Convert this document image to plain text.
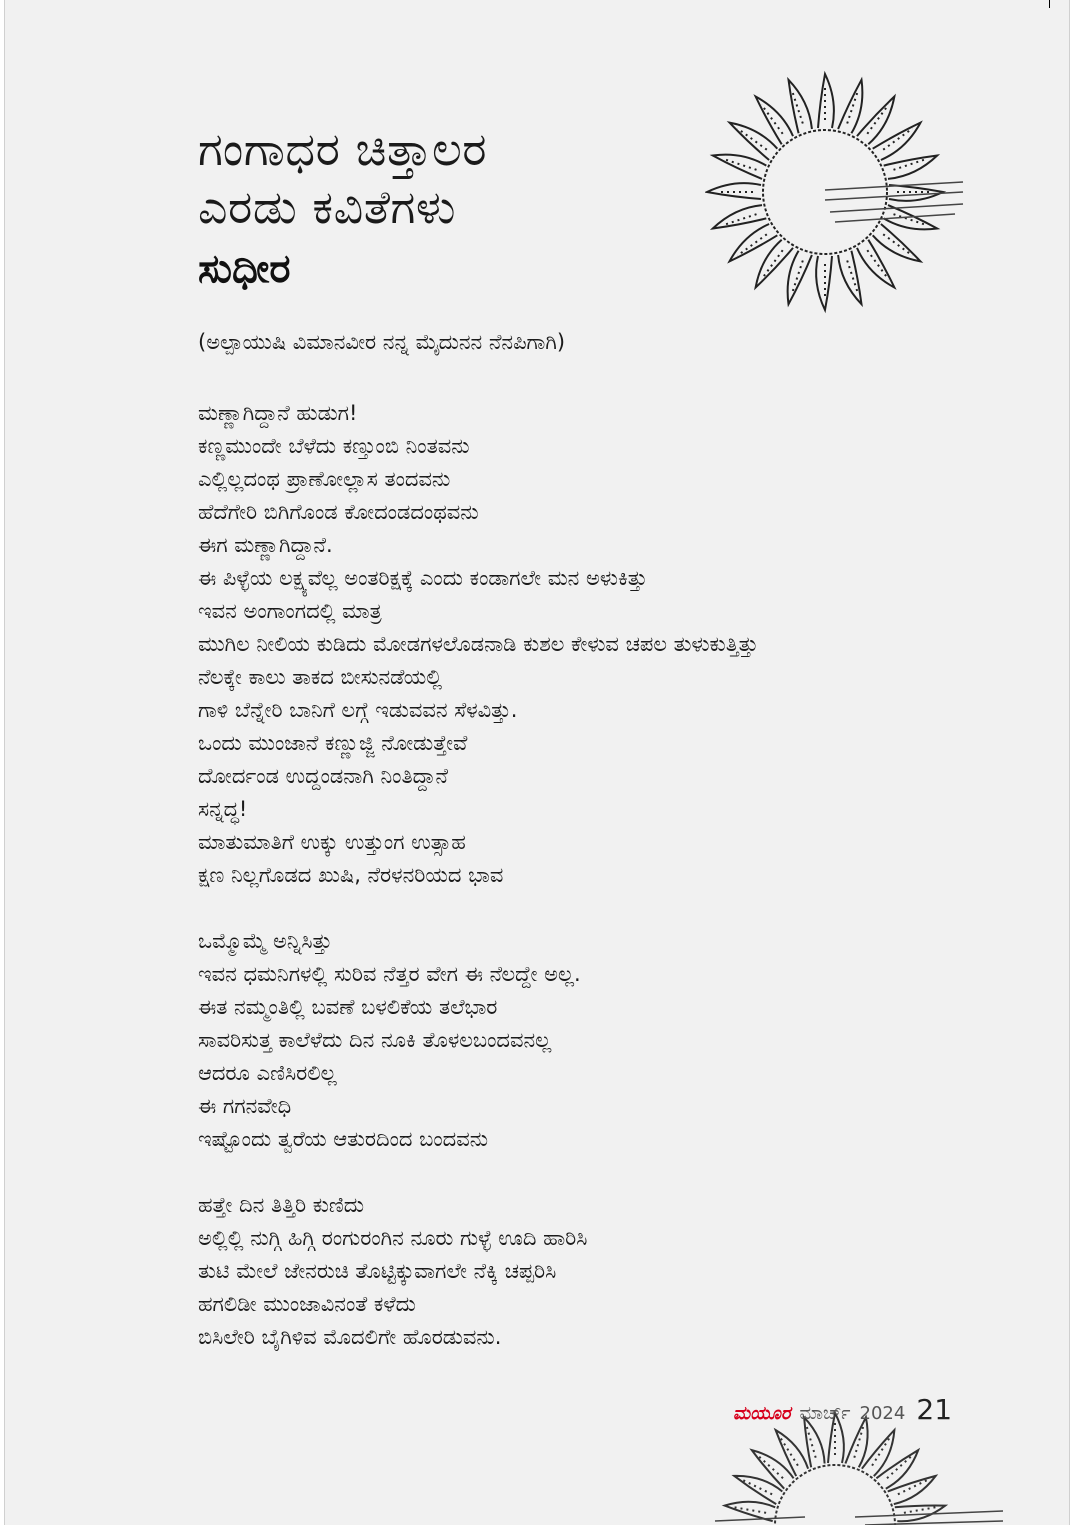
ಗಂಗಾಧರ ಚಿತ್ತಾಲರ
ಎರಡು ಕವಿತೆಗಳು
ಸುಧೀರ
(ಅಲ್ಪಾಯುಷಿ ವಿಮಾನವೀರ ನನ್ನ ಮೈದುನನ ನೆನಪಿಗಾಗಿ)
ಮಣ್ಣಾಗಿದ್ದಾನೆ ಹುಡುಗ!
ಕಣ್ಣಮುಂದೇ ಬೆಳೆದು ಕಣ್ತುಂಬಿ ನಿಂತವನು
ಎಲ್ಲಿಲ್ಲದಂಥ ಪ್ರಾಣೋಲ್ಲಾಸ ತಂದವನು
ಹೆದೆಗೇರಿ ಬಿಗಿಗೊಂಡ ಕೋದಂಡದಂಥವನು
ಈಗ ಮಣ್ಣಾಗಿದ್ದಾನೆ.
ಈ ಪಿಳ್ಳೆಯ ಲಕ್ಷ್ಯವೆಲ್ಲ ಅಂತರಿಕ್ಷಕ್ಕೆ ಎಂದು ಕಂಡಾಗಲೇ ಮನ ಅಳುಕಿತ್ತು
ಇವನ ಅಂಗಾಂಗದಲ್ಲಿ ಮಾತ್ರ
ಮುಗಿಲ ನೀಲಿಯ ಕುಡಿದು ಮೋಡಗಳಲೊಡನಾಡಿ ಕುಶಲ ಕೇಳುವ ಚಪಲ ತುಳುಕುತ್ತಿತ್ತು
ನೆಲಕ್ಕೇ ಕಾಲು ತಾಕದ ಬೀಸುನಡೆಯಲ್ಲಿ
ಗಾಳಿ ಬೆನ್ನೇರಿ ಬಾನಿಗೆ ಲಗ್ಗೆ ಇಡುವವನ ಸೆಳವಿತ್ತು.
ಒಂದು ಮುಂಜಾನೆ ಕಣ್ಣುಜ್ಜಿ ನೋಡುತ್ತೇವೆ
ದೋರ್ದಂಡ ಉದ್ದಂಡನಾಗಿ ನಿಂತಿದ್ದಾನೆ
ಸನ್ನದ್ಧ!
ಮಾತುಮಾತಿಗೆ ಉಕ್ಕು ಉತ್ತುಂಗ ಉತ್ಸಾಹ
ಕ್ಷಣ ನಿಲ್ಲಗೊಡದ ಖುಷಿ, ನೆರಳನರಿಯದ ಭಾವ
ಒಮ್ಮೊಮ್ಮೆ ಅನ್ನಿಸಿತ್ತು
ಇವನ ಧಮನಿಗಳಲ್ಲಿ ಸುರಿವ ನೆತ್ತರ ವೇಗ ಈ ನೆಲದ್ದೇ ಅಲ್ಲ.
ಈತ ನಮ್ಮಂತಿಲ್ಲಿ ಬವಣೆ ಬಳಲಿಕೆಯ ತಲೆಭಾರ
ಸಾವರಿಸುತ್ತ ಕಾಲೆಳೆದು ದಿನ ನೂಕಿ ತೊಳಲಬಂದವನಲ್ಲ
ಆದರೂ ಎಣಿಸಿರಲಿಲ್ಲ
ಈ ಗಗನವೇಧಿ
ಇಷ್ಟೊಂದು ತ್ವರೆಯ ಆತುರದಿಂದ ಬಂದವನು
ಹತ್ತೇ ದಿನ ತಿತ್ತಿರಿ ಕುಣಿದು
ಅಲ್ಲಿಲ್ಲಿ ನುಗ್ಗಿ ಹಿಗ್ಗಿ ರಂಗುರಂಗಿನ ನೂರು ಗುಳ್ಳೆ ಊದಿ ಹಾರಿಸಿ
ತುಟಿ ಮೇಲೆ ಜೇನರುಚಿ ತೊಟ್ಟಿಕ್ಕುವಾಗಲೇ ನೆಕ್ಕಿ ಚಪ್ಪರಿಸಿ
ಹಗಲಿಡೀ ಮುಂಜಾವಿನಂತೆ ಕಳೆದು
ಬಿಸಿಲೇರಿ ಬೈಗಿಳಿವ ಮೊದಲಿಗೇ ಹೊರಡುವನು.
ಮಯೂರ ಮಾರ್ಚ್ 2024 21
